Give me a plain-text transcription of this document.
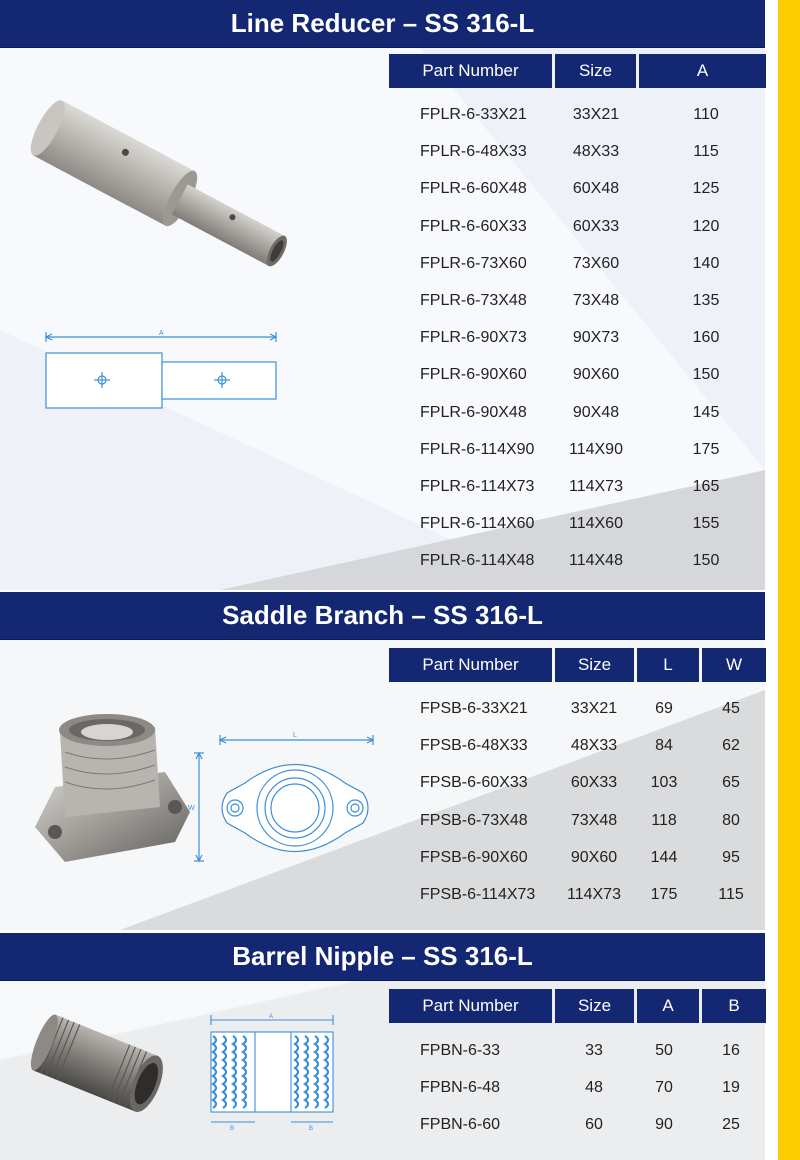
Line Reducer – SS 316-L
Part Number	Size	A
FPLR-6-33X21	33X21	110
FPLR-6-48X33	48X33	115
FPLR-6-60X48	60X48	125
FPLR-6-60X33	60X33	120
FPLR-6-73X60	73X60	140
FPLR-6-73X48	73X48	135
FPLR-6-90X73	90X73	160
FPLR-6-90X60	90X60	150
FPLR-6-90X48	90X48	145
FPLR-6-114X90	114X90	175
FPLR-6-114X73	114X73	165
FPLR-6-114X60	114X60	155
FPLR-6-114X48	114X48	150
A
Saddle Branch – SS 316-L
Part Number	Size	L	W
FPSB-6-33X21	33X21	69	45
FPSB-6-48X33	48X33	84	62
FPSB-6-60X33	60X33	103	65
FPSB-6-73X48	73X48	118	80
FPSB-6-90X60	90X60	144	95
FPSB-6-114X73	114X73	175	115
L
W
Barrel Nipple – SS 316-L
Part Number	Size	A	B
FPBN-6-33	33	50	16
FPBN-6-48	48	70	19
FPBN-6-60	60	90	25
A
B	B
